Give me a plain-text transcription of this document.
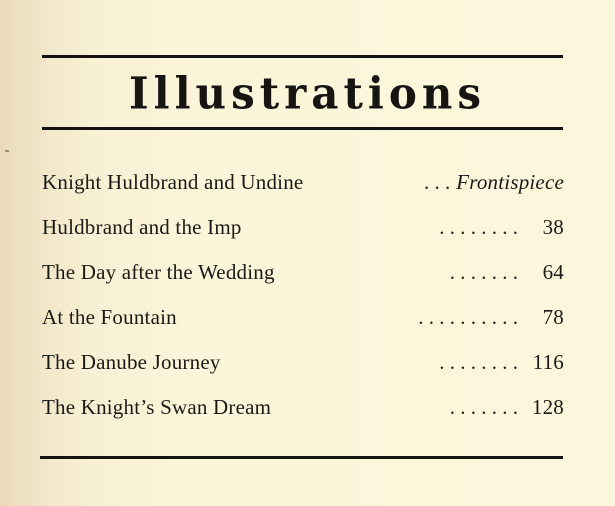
Illustrations
Knight Huldbrand and Undine	. . . Frontispiece
Huldbrand and the Imp	. . . . . . . .	38
The Day after the Wedding	. . . . . . .	64
At the Fountain	. . . . . . . . . .	78
The Danube Journey	. . . . . . . . 116
The Knight’s Swan Dream	. . . . . . . 128
